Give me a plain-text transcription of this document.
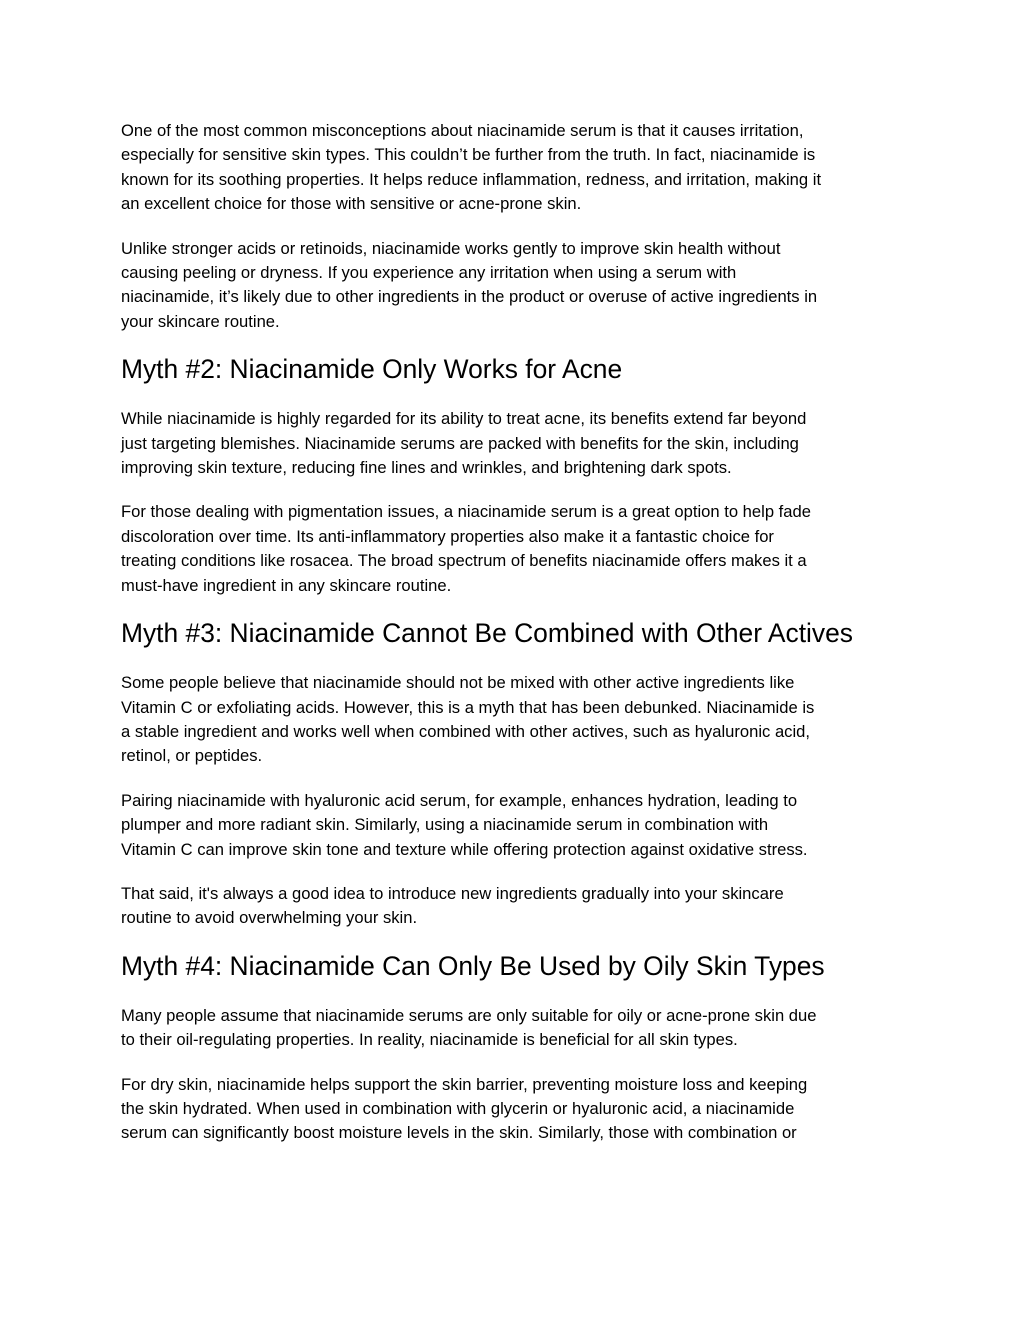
One of the most common misconceptions about niacinamide serum is that it causes irritation,
especially for sensitive skin types. This couldn’t be further from the truth. In fact, niacinamide is
known for its soothing properties. It helps reduce inflammation, redness, and irritation, making it
an excellent choice for those with sensitive or acne-prone skin.

Unlike stronger acids or retinoids, niacinamide works gently to improve skin health without
causing peeling or dryness. If you experience any irritation when using a serum with
niacinamide, it’s likely due to other ingredients in the product or overuse of active ingredients in
your skincare routine.

Myth #2: Niacinamide Only Works for Acne

While niacinamide is highly regarded for its ability to treat acne, its benefits extend far beyond
just targeting blemishes. Niacinamide serums are packed with benefits for the skin, including
improving skin texture, reducing fine lines and wrinkles, and brightening dark spots.

For those dealing with pigmentation issues, a niacinamide serum is a great option to help fade
discoloration over time. Its anti-inflammatory properties also make it a fantastic choice for
treating conditions like rosacea. The broad spectrum of benefits niacinamide offers makes it a
must-have ingredient in any skincare routine.

Myth #3: Niacinamide Cannot Be Combined with Other Actives

Some people believe that niacinamide should not be mixed with other active ingredients like
Vitamin C or exfoliating acids. However, this is a myth that has been debunked. Niacinamide is
a stable ingredient and works well when combined with other actives, such as hyaluronic acid,
retinol, or peptides.

Pairing niacinamide with hyaluronic acid serum, for example, enhances hydration, leading to
plumper and more radiant skin. Similarly, using a niacinamide serum in combination with
Vitamin C can improve skin tone and texture while offering protection against oxidative stress.

That said, it's always a good idea to introduce new ingredients gradually into your skincare
routine to avoid overwhelming your skin.

Myth #4: Niacinamide Can Only Be Used by Oily Skin Types

Many people assume that niacinamide serums are only suitable for oily or acne-prone skin due
to their oil-regulating properties. In reality, niacinamide is beneficial for all skin types.

For dry skin, niacinamide helps support the skin barrier, preventing moisture loss and keeping
the skin hydrated. When used in combination with glycerin or hyaluronic acid, a niacinamide
serum can significantly boost moisture levels in the skin. Similarly, those with combination or
